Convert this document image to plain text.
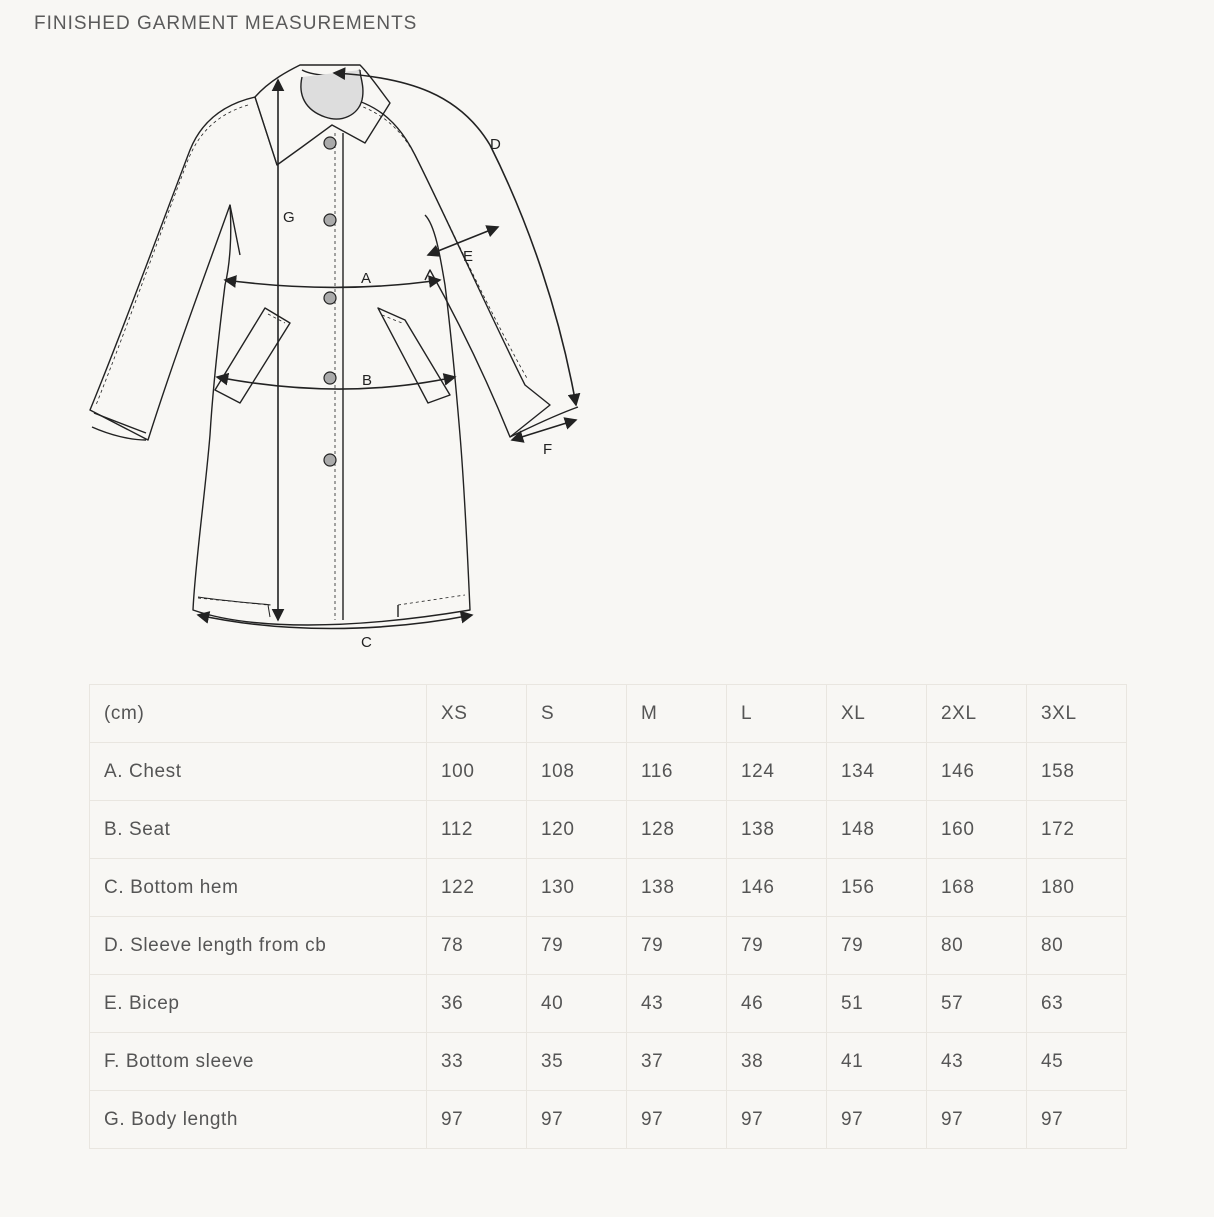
FINISHED GARMENT MEASUREMENTS
A
B
C
D
E
F
G
(cm)	XS	S	M	L	XL	2XL	3XL
A. Chest	100	108	116	124	134	146	158
B. Seat	112	120	128	138	148	160	172
C. Bottom hem	122	130	138	146	156	168	180
D. Sleeve length from cb	78	79	79	79	79	80	80
E. Bicep	36	40	43	46	51	57	63
F. Bottom sleeve	33	35	37	38	41	43	45
G. Body length	97	97	97	97	97	97	97
